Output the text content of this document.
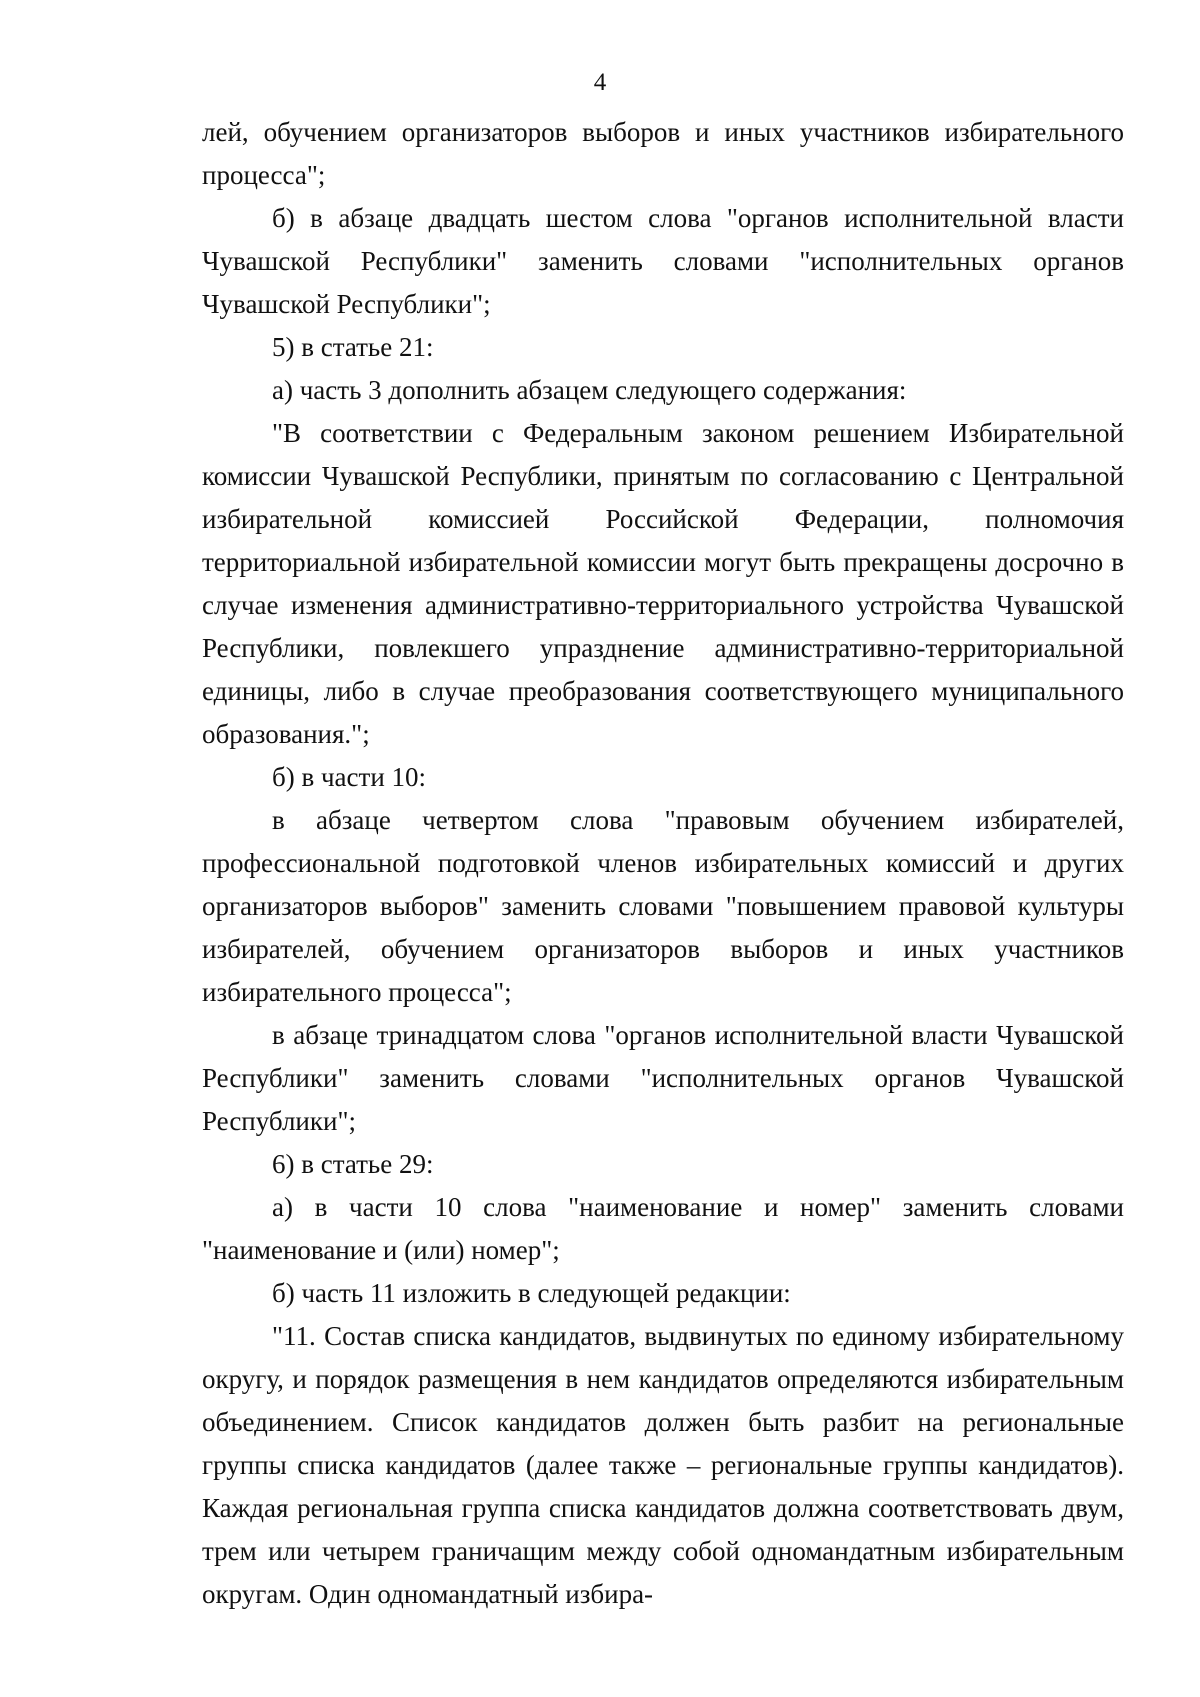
4

лей, обучением организаторов выборов и иных участников избирательного процесса";

б) в абзаце двадцать шестом слова "органов исполнительной власти Чувашской Республики" заменить словами "исполнительных органов Чувашской Республики";

5) в статье 21:

а) часть 3 дополнить абзацем следующего содержания:

"В соответствии с Федеральным законом решением Избирательной комиссии Чувашской Республики, принятым по согласованию с Центральной избирательной комиссией Российской Федерации, полномочия территориальной избирательной комиссии могут быть прекращены досрочно в случае изменения административно-территориального устройства Чувашской Республики, повлекшего упразднение административно-территориальной единицы, либо в случае преобразования соответствующего муниципального образования.";

б) в части 10:

в абзаце четвертом слова "правовым обучением избирателей, профессиональной подготовкой членов избирательных комиссий и других организаторов выборов" заменить словами "повышением правовой культуры избирателей, обучением организаторов выборов и иных участников избирательного процесса";

в абзаце тринадцатом слова "органов исполнительной власти Чувашской Республики" заменить словами "исполнительных органов Чувашской Республики";

6) в статье 29:

а) в части 10 слова "наименование и номер" заменить словами "наименование и (или) номер";

б) часть 11 изложить в следующей редакции:

"11. Состав списка кандидатов, выдвинутых по единому избирательному округу, и порядок размещения в нем кандидатов определяются избирательным объединением. Список кандидатов должен быть разбит на региональные группы списка кандидатов (далее также – региональные группы кандидатов). Каждая региональная группа списка кандидатов должна соответствовать двум, трем или четырем граничащим между собой одномандатным избирательным округам. Один одномандатный избира-
